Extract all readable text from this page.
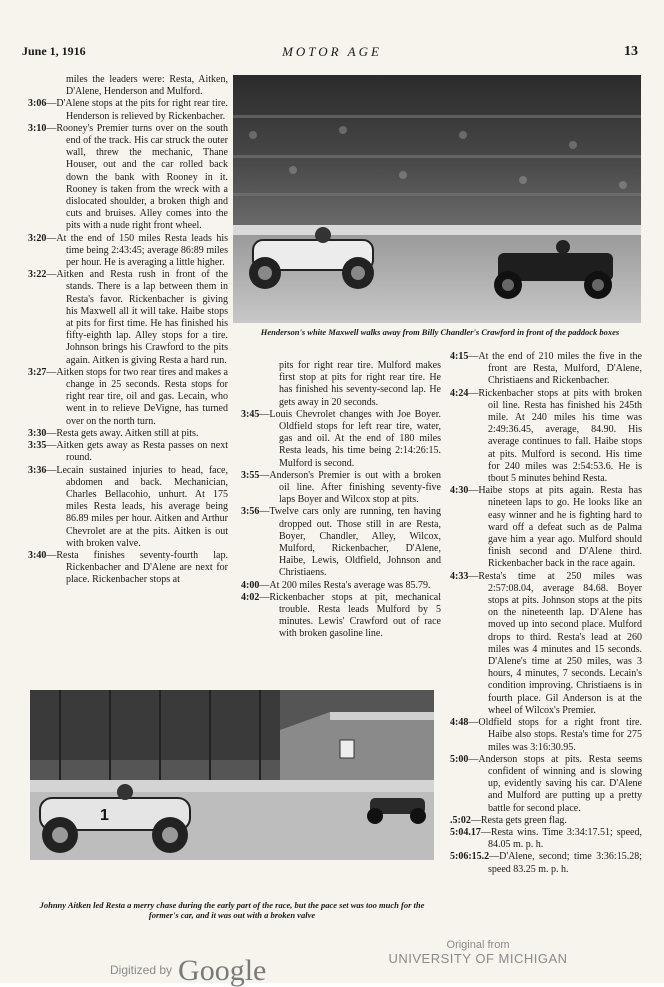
June 1, 1916	MOTOR AGE	13

miles the leaders were: Resta, Aitken, D'Alene, Henderson and Mulford.

3:06—D'Alene stops at the pits for right rear tire. Henderson is relieved by Rickenbacher.

3:10—Rooney's Premier turns over on the south end of the track. His car struck the outer wall, threw the mechanic, Thane Houser, out and the car rolled back down the bank with Rooney in it. Rooney is taken from the wreck with a dislocated shoulder, a broken thigh and cuts and bruises. Alley comes into the pits with a nude right front wheel.

3:20—At the end of 150 miles Resta leads his time being 2:43:45; average 86:89 miles per hour. He is averaging a little higher.

3:22—Aitken and Resta rush in front of the stands. There is a lap between them in Resta's favor. Rickenbacher is giving his Maxwell all it will take. Haibe stops at pits for first time. He has finished his fifty-eighth lap. Alley stops for a tire. Johnson brings his Crawford to the pits again. Aitken is giving Resta a hard run.

3:27—Aitken stops for two rear tires and makes a change in 25 seconds. Resta stops for right rear tire, oil and gas. Lecain, who went in to relieve DeVigne, has turned over on the north turn.

3:30—Resta gets away. Aitken still at pits.

3:35—Aitken gets away as Resta passes on next round.

3:36—Lecain sustained injuries to head, face, abdomen and back. Mechanician, Charles Bellacohio, unhurt. At 175 miles Resta leads, his average being 86.89 miles per hour. Aitken and Arthur Chevrolet are at the pits. Aitken is out with broken valve.

3:40—Resta finishes seventy-fourth lap. Rickenbacher and D'Alene are next for place. Rickenbacher stops at

Henderson's white Maxwell walks away from Billy Chandler's Crawford in front of the paddock boxes

pits for right rear tire. Mulford makes first stop at pits for right rear tire. He has finished his seventy-second lap. He gets away in 20 seconds.

3:45—Louis Chevrolet changes with Joe Boyer. Oldfield stops for left rear tire, water, gas and oil. At the end of 180 miles Resta leads, his time being 2:14:26:15. Mulford is second.

3:55—Anderson's Premier is out with a broken oil line. After finishing seventy-five laps Boyer and Wilcox stop at pits.

3:56—Twelve cars only are running, ten having dropped out. Those still in are Resta, Boyer, Chandler, Alley, Wilcox, Mulford, Rickenbacher, D'Alene, Haibe, Lewis, Oldfield, Johnson and Christiaens.

4:00—At 200 miles Resta's average was 85.79.

4:02—Rickenbacher stops at pit, mechanical trouble. Resta leads Mulford by 5 minutes. Lewis' Crawford out of race with broken gasoline line.

4:15—At the end of 210 miles the five in the front are Resta, Mulford, D'Alene, Christiaens and Rickenbacher.

4:24—Rickenbacher stops at pits with broken oil line. Resta has finished his 245th mile. At 240 miles his time was 2:49:36.45, average, 84.90. His average continues to fall. Haibe stops at pits. Mulford is second. His time for 240 miles was 2:54:53.6. He is tbout 5 minutes behind Resta.

4:30—Haibe stops at pits again. Resta has nineteen laps to go. He looks like an easy winner and he is fighting hard to ward off a defeat such as de Palma gave him a year ago. Mulford should finish second and D'Alene third. Rickenbacher back in the race again.

4:33—Resta's time at 250 miles was 2:57:08.04, average 84.68. Boyer stops at pits. Johnson stops at the pits on the nineteenth lap. D'Alene has moved up into second place. Mulford drops to third. Resta's lead at 260 miles was 4 minutes and 15 seconds. D'Alene's time at 250 miles, was 3 hours, 4 minutes, 7 seconds. Lecain's condition improving. Christiaens is in fourth place. Gil Anderson is at the wheel of Wilcox's Premier.

4:48—Oldfield stops for a right front tire. Haibe also stops. Resta's time for 275 miles was 3:16:30.95.

5:00—Anderson stops at pits. Resta seems confident of winning and is slowing up, evidently saving his car. D'Alene and Mulford are putting up a pretty battle for second place.

.5:02—Resta gets green flag.

5:04.17—Resta wins. Time 3:34:17.51; speed, 84.05 m. p. h.

5:06:15.2—D'Alene, second; time 3:36:15.28; speed 83.25 m. p. h.

1
Johnny Aitken led Resta a merry chase during the early part of the race, but the pace set was too much for the former's car, and it was out with a broken valve
Digitized by Google
Original from
UNIVERSITY OF MICHIGAN
